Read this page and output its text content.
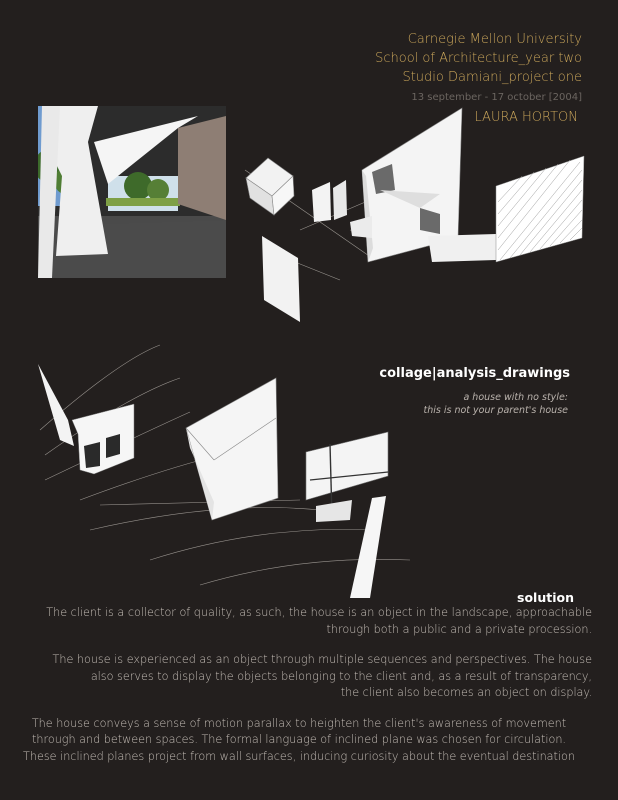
Carnegie Mellon University
School of Architecture_year two
Studio Damiani_project one
13 september - 17 october [2004]
LAURA HORTON
collage|analysis_drawings
a house with no style:
this is not your parent's house
solution

The client is a collector of quality, as such, the house is an object in the landscape, approachable
through both a public and a private procession.

The house is experienced as an object through multiple sequences and perspectives. The house
also serves to display the objects belonging to the client and, as a result of transparency,
the client also becomes an object on display.

The house conveys a sense of motion parallax to heighten the client's awareness of movement
through and between spaces. The formal language of inclined plane was chosen for circulation.
These inclined planes project from wall surfaces, inducing curiosity about the eventual destination
